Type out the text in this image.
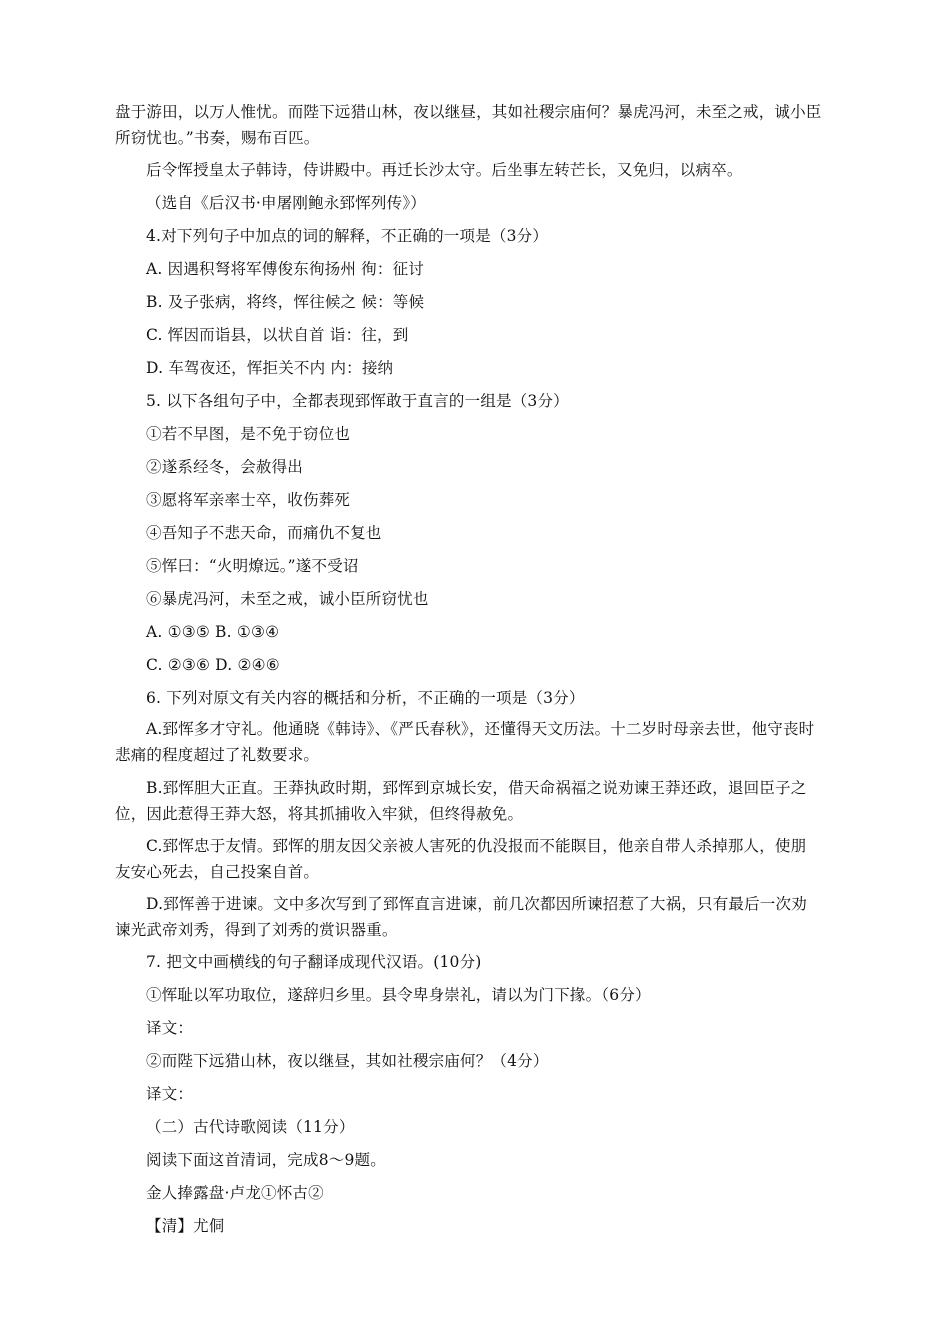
盘于游田，以万人惟忧。而陛下远猎山林，夜以继昼，其如社稷宗庙何？暴虎冯河，未至之戒，诚小臣
所窃忧也。”书奏，赐布百匹。
后令恽授皇太子韩诗，侍讲殿中。再迁长沙太守。后坐事左转芒长，又免归，以病卒。
（选自《后汉书·申屠刚鲍永郅恽列传》）
4.对下列句子中加点的词的解释，不正确的一项是（3分）
A. 因遇积弩将军傅俊东徇扬州 徇：征讨
B. 及子张病，将终，恽往候之 候：等候
C. 恽因而诣县，以状自首 诣：往，到
D. 车驾夜还，恽拒关不内 内：接纳
5. 以下各组句子中，全都表现郅恽敢于直言的一组是（3分）
①若不早图，是不免于窃位也
②遂系经冬，会赦得出
③愿将军亲率士卒，收伤葬死
④吾知子不悲天命，而痛仇不复也
⑤恽曰：“火明燎远。”遂不受诏
⑥暴虎冯河，未至之戒，诚小臣所窃忧也
A. ①③⑤ B. ①③④
C. ②③⑥ D. ②④⑥
6. 下列对原文有关内容的概括和分析，不正确的一项是（3分）
A.郅恽多才守礼。他通晓《韩诗》、《严氏春秋》，还懂得天文历法。十二岁时母亲去世，他守丧时
悲痛的程度超过了礼数要求。
B.郅恽胆大正直。王莽执政时期，郅恽到京城长安，借天命祸福之说劝谏王莽还政，退回臣子之
位，因此惹得王莽大怒，将其抓捕收入牢狱，但终得赦免。
C.郅恽忠于友情。郅恽的朋友因父亲被人害死的仇没报而不能瞑目，他亲自带人杀掉那人，使朋
友安心死去，自己投案自首。
D.郅恽善于进谏。文中多次写到了郅恽直言进谏，前几次都因所谏招惹了大祸，只有最后一次劝
谏光武帝刘秀，得到了刘秀的赏识器重。
7. 把文中画横线的句子翻译成现代汉语。(10分)
①恽耻以军功取位，遂辞归乡里。县令卑身崇礼，请以为门下掾。（6分）
译文：
②而陛下远猎山林，夜以继昼，其如社稷宗庙何？（4分）
译文：
（二）古代诗歌阅读（11分）
阅读下面这首清词，完成8～9题。
金人捧露盘·卢龙①怀古②
【清】尤侗
